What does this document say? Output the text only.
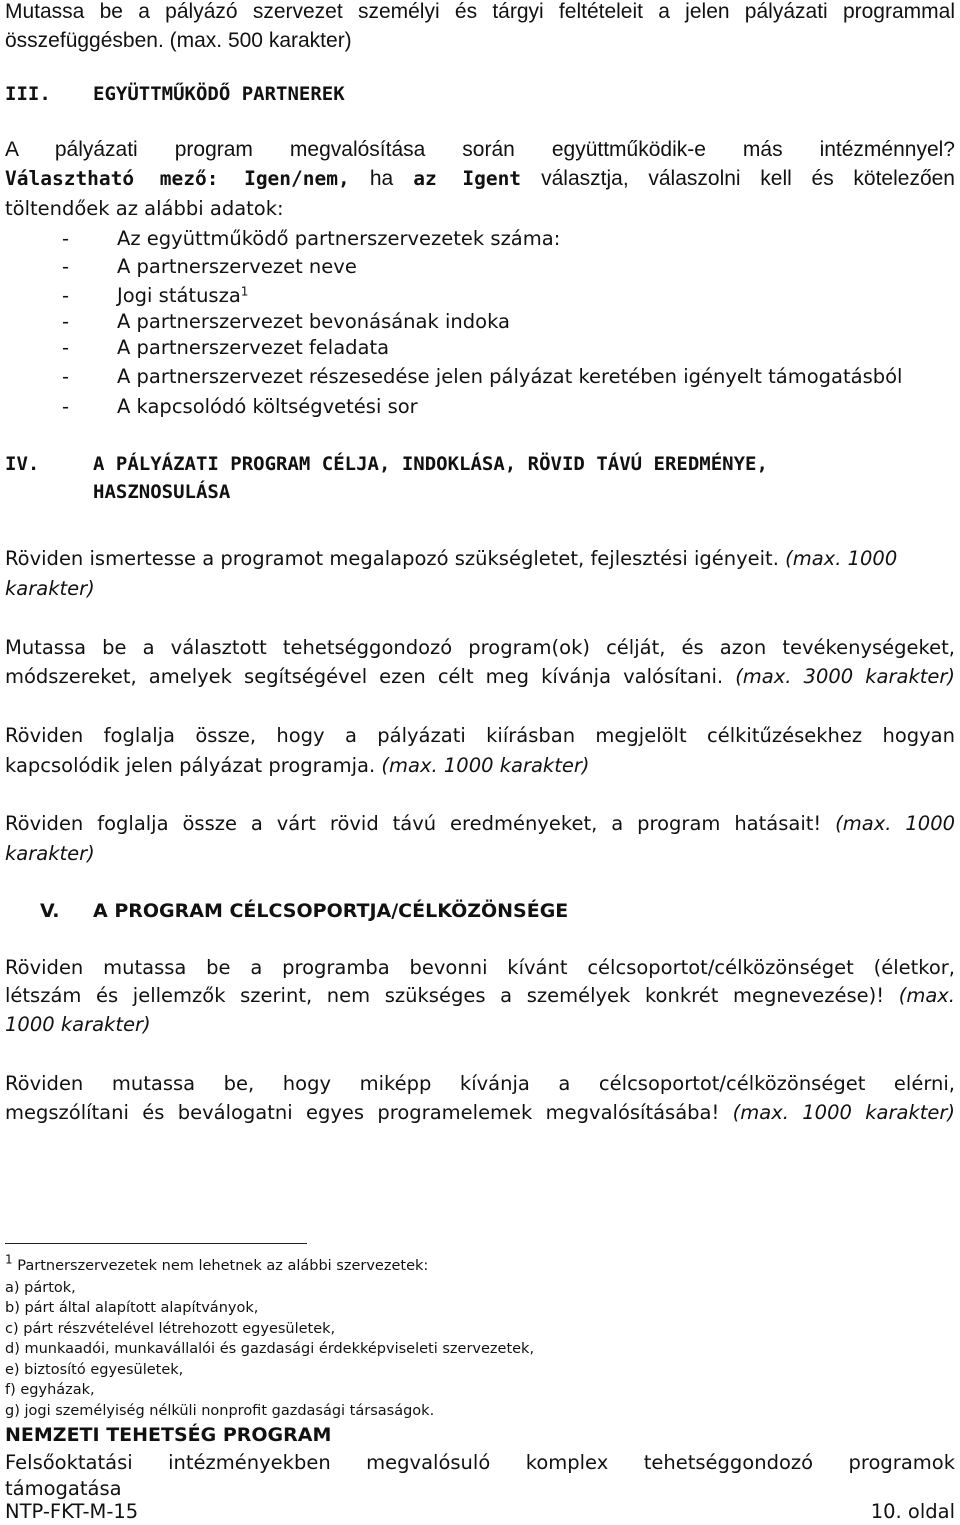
Mutassa be a pályázó szervezet személyi és tárgyi feltételeit a jelen pályázati programmal
összefüggésben. (max. 500 karakter)
III. EGYÜTTMŰKÖDŐ PARTNEREK
A pályázati program megvalósítása során együttműködik-e más intézménnyel?
Választható mező: Igen/nem, ha az Igent választja, válaszolni kell és kötelezően
töltendőek az alábbi adatok:
- Az együttműködő partnerszervezetek száma:
- A partnerszervezet neve
- Jogi státusza$^1$
- A partnerszervezet bevonásának indoka
- A partnerszervezet feladata
- A partnerszervezet részesedése jelen pályázat keretében igényelt támogatásból
- A kapcsolódó költségvetési sor
IV.	A PÁLYÁZATI PROGRAM CÉLJA, INDOKLÁSA, RÖVID TÁVÚ EREDMÉNYE,
HASZNOSULÁSA
Röviden ismertesse a programot megalapozó szükségletet, fejlesztési igényeit. (max. 1000
karakter)
Mutassa be a választott tehetséggondozó program(ok) célját, és azon tevékenységeket,
módszereket, amelyek segítségével ezen célt meg kívánja valósítani. (max. 3000 karakter)
Röviden foglalja össze, hogy a pályázati kiírásban megjelölt célkitűzésekhez hogyan
kapcsolódik jelen pályázat programja. (max. 1000 karakter)
Röviden foglalja össze a várt rövid távú eredményeket, a program hatásait! (max. 1000
karakter)
V. A PROGRAM CÉLCSOPORTJA/CÉLKÖZÖNSÉGE
Röviden mutassa be a programba bevonni kívánt célcsoportot/célközönséget (életkor,
létszám és jellemzők szerint, nem szükséges a személyek konkrét megnevezése)! (max.
1000 karakter)
Röviden mutassa be, hogy miképp kívánja a célcsoportot/célközönséget elérni,
megszólítani és beválogatni egyes programelemek megvalósításába! (max. 1000 karakter)
$^1$ Partnerszervezetek nem lehetnek az alábbi szervezetek:
a) pártok,
b) párt által alapított alapítványok,
c) párt részvételével létrehozott egyesületek,
d) munkaadói, munkavállalói és gazdasági érdekképviseleti szervezetek,
e) biztosító egyesületek,
f) egyházak,
g) jogi személyiség nélküli nonprofit gazdasági társaságok.
NEMZETI TEHETSÉG PROGRAM
Felsőoktatási intézményekben megvalósuló komplex tehetséggondozó programok
támogatása
NTP-FKT-M-15	10. oldal
